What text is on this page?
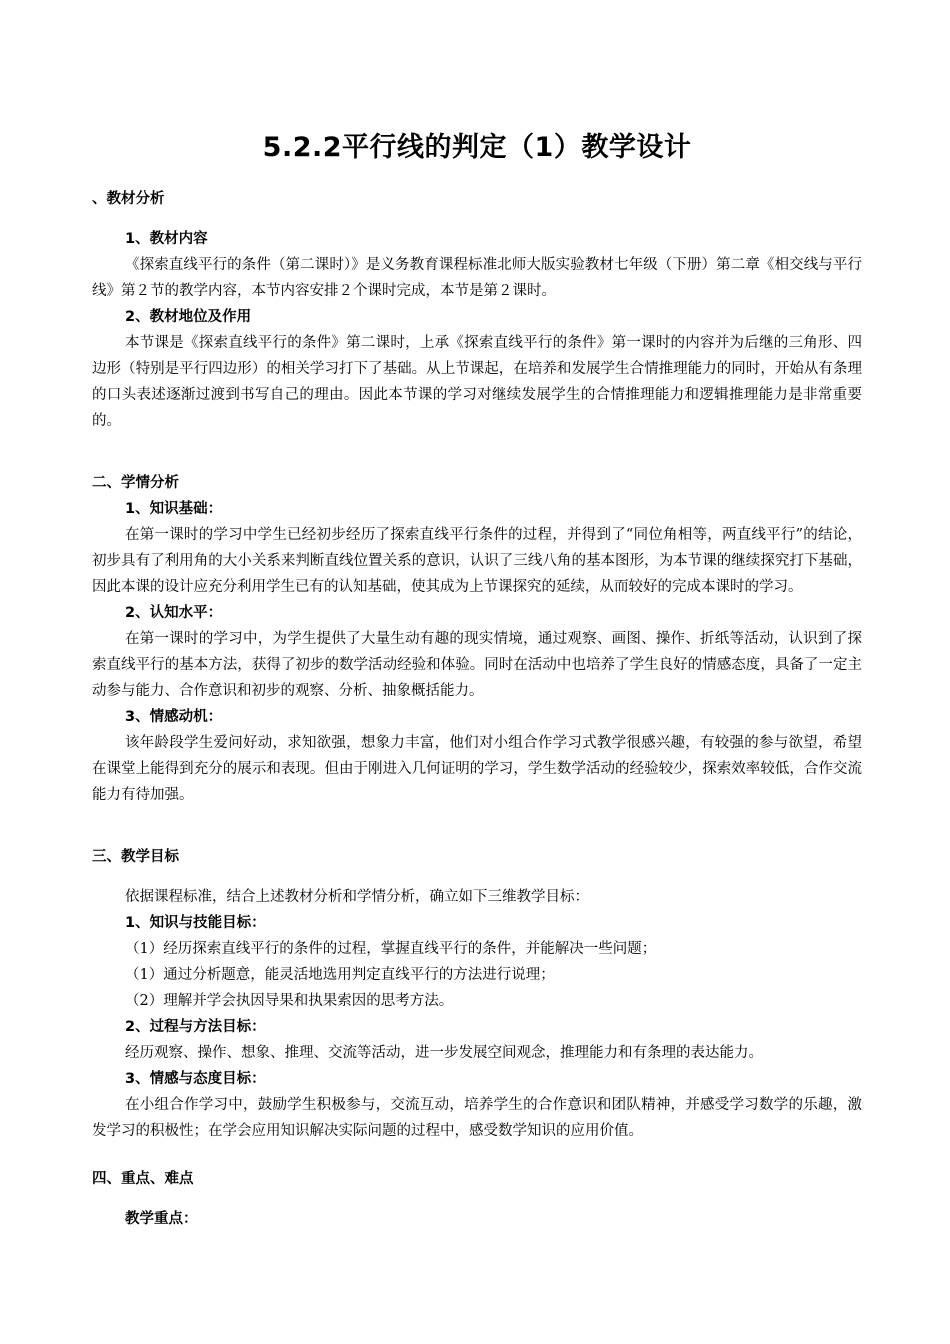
5.2.2平行线的判定（1）教学设计
、教材分析
1、教材内容

《探索直线平行的条件（第二课时）》是义务教育课程标准北师大版实验教材七年级（下册）第二章《相交线与平行线》第２节的教学内容，本节内容安排２个课时完成，本节是第２课时。

2、教材地位及作用

本节课是《探索直线平行的条件》第二课时，上承《探索直线平行的条件》第一课时的内容并为后继的三角形、四边形（特别是平行四边形）的相关学习打下了基础。从上节课起，在培养和发展学生合情推理能力的同时，开始从有条理的口头表述逐渐过渡到书写自己的理由。因此本节课的学习对继续发展学生的合情推理能力和逻辑推理能力是非常重要的。

二、学情分析
1、知识基础：

在第一课时的学习中学生已经初步经历了探索直线平行条件的过程，并得到了“同位角相等，两直线平行”的结论，初步具有了利用角的大小关系来判断直线位置关系的意识，认识了三线八角的基本图形，为本节课的继续探究打下基础，因此本课的设计应充分利用学生已有的认知基础，使其成为上节课探究的延续，从而较好的完成本课时的学习。

2、认知水平：

在第一课时的学习中，为学生提供了大量生动有趣的现实情境，通过观察、画图、操作、折纸等活动，认识到了探索直线平行的基本方法，获得了初步的数学活动经验和体验。同时在活动中也培养了学生良好的情感态度，具备了一定主动参与能力、合作意识和初步的观察、分析、抽象概括能力。

3、情感动机：

该年龄段学生爱问好动，求知欲强，想象力丰富，他们对小组合作学习式教学很感兴趣，有较强的参与欲望，希望在课堂上能得到充分的展示和表现。但由于刚进入几何证明的学习，学生数学活动的经验较少，探索效率较低，合作交流能力有待加强。

三、教学目标

依据课程标准，结合上述教材分析和学情分析，确立如下三维教学目标：

1、知识与技能目标：

（1）经历探索直线平行的条件的过程，掌握直线平行的条件，并能解决一些问题；

（1）通过分析题意，能灵活地选用判定直线平行的方法进行说理；

（2）理解并学会执因导果和执果索因的思考方法。

2、过程与方法目标：

经历观察、操作、想象、推理、交流等活动，进一步发展空间观念，推理能力和有条理的表达能力。

3、情感与态度目标：

在小组合作学习中，鼓励学生积极参与，交流互动，培养学生的合作意识和团队精神，并感受学习数学的乐趣，激发学习的积极性；在学会应用知识解决实际问题的过程中，感受数学知识的应用价值。

四、重点、难点
教学重点：
